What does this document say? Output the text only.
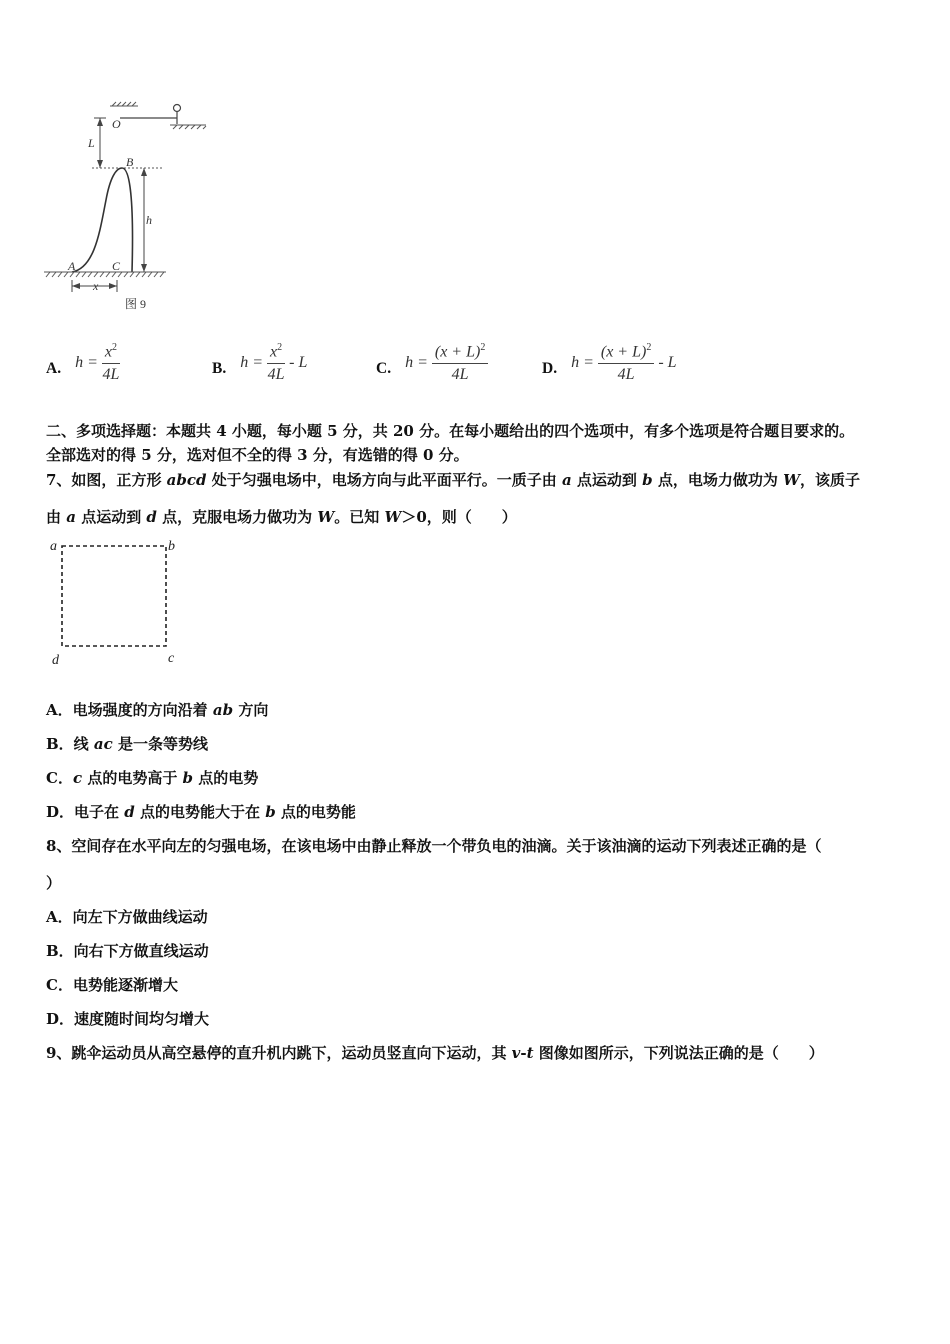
O
L
B
h
A	C
x
图 9
A. $h = \frac{x^2}{4L}$	B. $h = \frac{x^2}{4L} - L$	C. $h = \frac{(x + L)^2}{4L}$	D. $h = \frac{(x + L)^2}{4L} - L$
二、多项选择题：本题共 4 小题，每小题 5 分，共 20 分。在每小题给出的四个选项中，有多个选项是符合题目要求的。
全部选对的得 5 分，选对但不全的得 3 分，有选错的得 0 分。
7、如图，正方形 abcd 处于匀强电场中，电场方向与此平面平行。一质子由 a 点运动到 b 点，电场力做功为 W，该质子
由 a 点运动到 d 点，克服电场力做功为 W。已知 W＞0，则（　　）
a	b
d	c
A．电场强度的方向沿着 ab 方向
B．线 ac 是一条等势线
C．c 点的电势高于 b 点的电势
D．电子在 d 点的电势能大于在 b 点的电势能
8、空间存在水平向左的匀强电场，在该电场中由静止释放一个带负电的油滴。关于该油滴的运动下列表述正确的是（
）
A．向左下方做曲线运动
B．向右下方做直线运动
C．电势能逐渐增大
D．速度随时间均匀增大
9、跳伞运动员从高空悬停的直升机内跳下，运动员竖直向下运动，其 v-t 图像如图所示，下列说法正确的是（　　）
